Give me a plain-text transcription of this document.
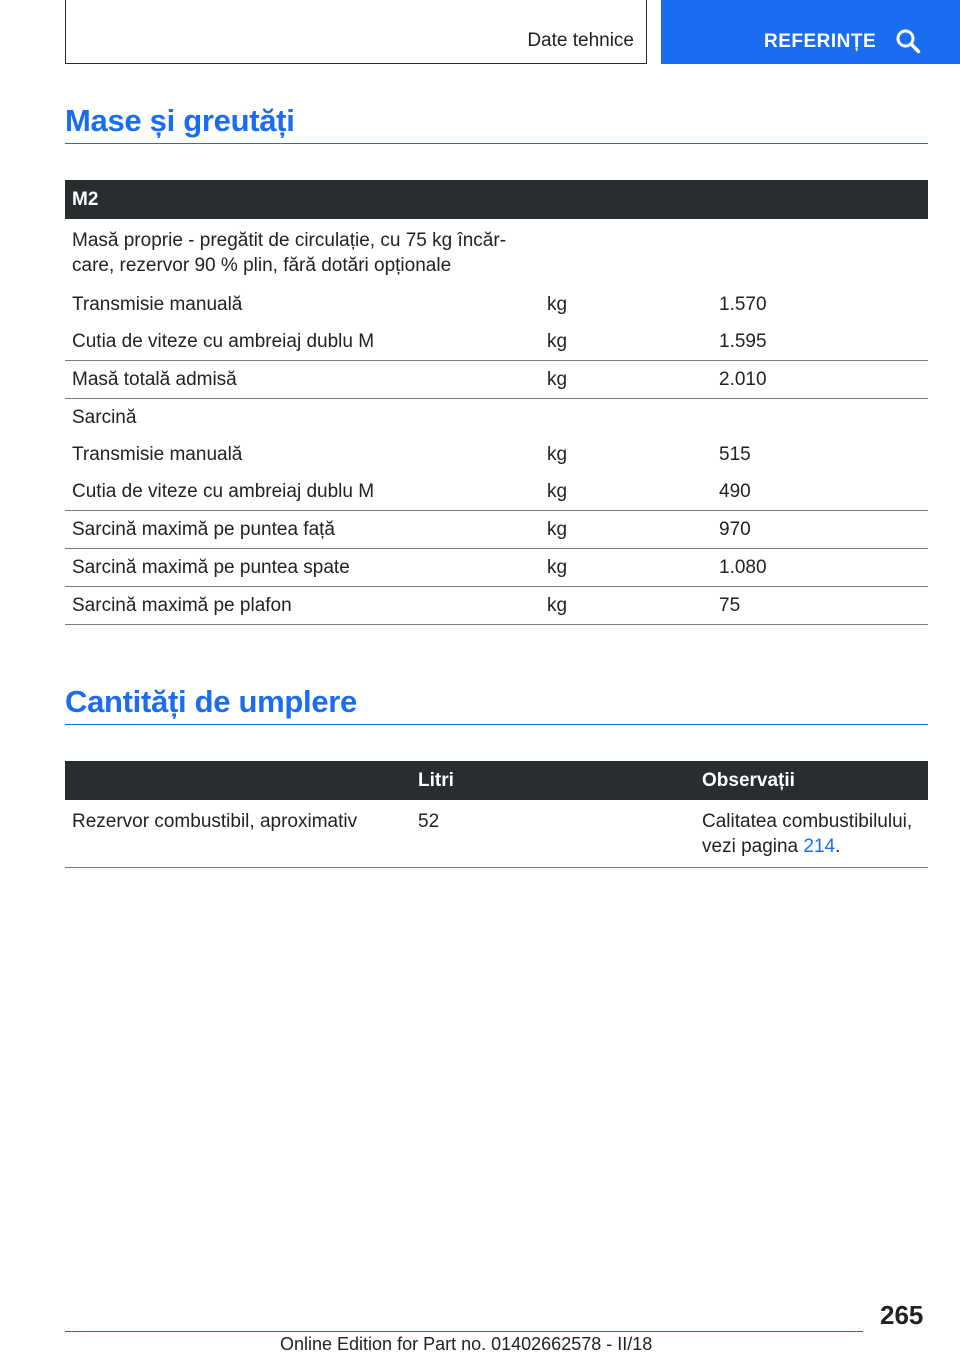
Date tehnice	REFERINȚE
Mase și greutăți
M2		
Masă proprie - pregătit de circulație, cu 75 kg încăr-
care, rezervor 90 % plin, fără dotări opționale		
Transmisie manuală	kg	1.570
Cutia de viteze cu ambreiaj dublu M	kg	1.595
Masă totală admisă	kg	2.010
Sarcină		
Transmisie manuală	kg	515
Cutia de viteze cu ambreiaj dublu M	kg	490
Sarcină maximă pe puntea față	kg	970
Sarcină maximă pe puntea spate	kg	1.080
Sarcină maximă pe plafon	kg	75
Cantități de umplere
	Litri	Observații
Rezervor combustibil, aproximativ	52	Calitatea combustibilului,
vezi pagina 214.
265
Online Edition for Part no. 01402662578 - II/18
